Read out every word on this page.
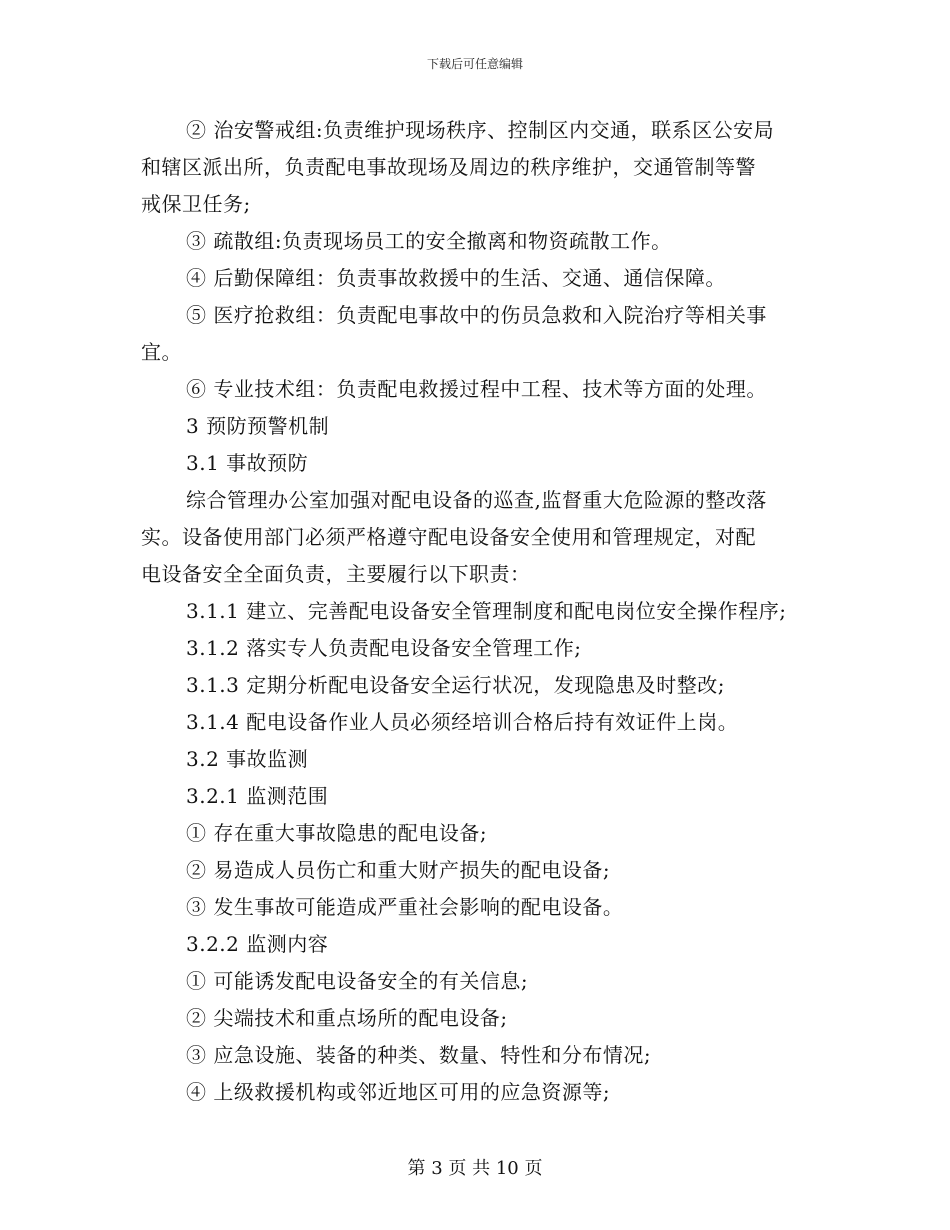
下载后可任意编辑
② 治安警戒组:负责维护现场秩序、控制区内交通，联系区公安局
和辖区派出所，负责配电事故现场及周边的秩序维护，交通管制等警
戒保卫任务;
③ 疏散组:负责现场员工的安全撤离和物资疏散工作。
④ 后勤保障组：负责事故救援中的生活、交通、通信保障。
⑤ 医疗抢救组：负责配电事故中的伤员急救和入院治疗等相关事
宜。
⑥ 专业技术组：负责配电救援过程中工程、技术等方面的处理。
3 预防预警机制
3.1 事故预防
综合管理办公室加强对配电设备的巡查,监督重大危险源的整改落
实。设备使用部门必须严格遵守配电设备安全使用和管理规定，对配
电设备安全全面负责，主要履行以下职责：
3.1.1 建立、完善配电设备安全管理制度和配电岗位安全操作程序;
3.1.2 落实专人负责配电设备安全管理工作;
3.1.3 定期分析配电设备安全运行状况，发现隐患及时整改;
3.1.4 配电设备作业人员必须经培训合格后持有效证件上岗。
3.2 事故监测
3.2.1 监测范围
① 存在重大事故隐患的配电设备;
② 易造成人员伤亡和重大财产损失的配电设备;
③ 发生事故可能造成严重社会影响的配电设备。
3.2.2 监测内容
① 可能诱发配电设备安全的有关信息;
② 尖端技术和重点场所的配电设备;
③ 应急设施、装备的种类、数量、特性和分布情况;
④ 上级救援机构或邻近地区可用的应急资源等;
第 3 页 共 10 页
